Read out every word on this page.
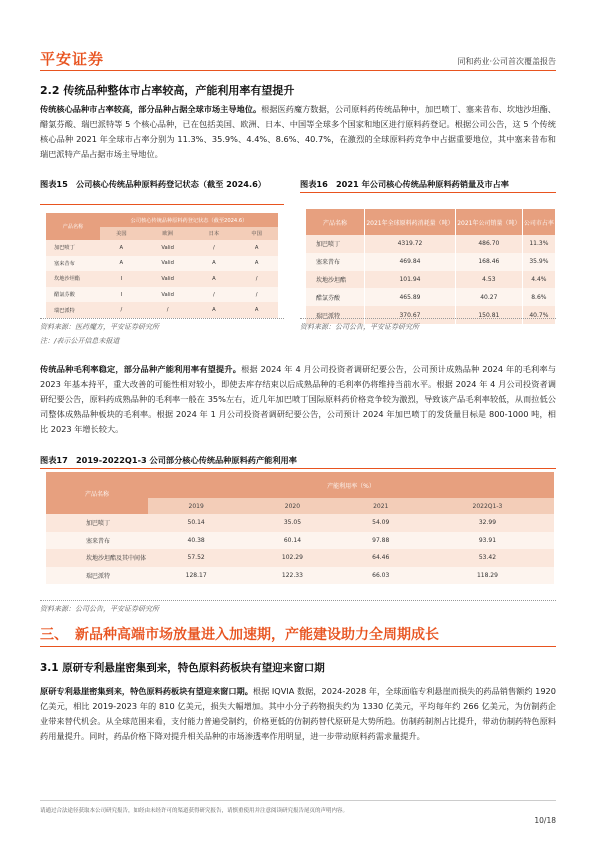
平安证券	同和药业·公司首次覆盖报告
2.2 传统品种整体市占率较高，产能利用率有望提升
传统核心品种市占率较高，部分品种占据全球市场主导地位。根据医药魔方数据，公司原料药传统品种中，加巴喷丁、塞来昔布、坎地沙坦酯、醋氯芬酸、瑞巴派特等 5 个核心品种，已在包括美国、欧洲、日本、中国等全球多个国家和地区进行原料药登记。根据公司公告，这 5 个传统核心品种 2021 年全球市占率分别为 11.3%、35.9%、4.4%、8.6%、40.7%，在激烈的全球原料药竞争中占据重要地位，其中塞来昔布和瑞巴派特产品占据市场主导地位。
图表15　公司核心传统品种原料药登记状态（截至 2024.6）
产品名称	公司核心传统品种原料药登记状态（截至2024.6）			
	美国	欧洲	日本	中国
加巴喷丁	A	Valid	/	A
塞来昔布	A	Valid	A	A
坎地沙坦酯	I	Valid	A	/
醋氯芬酸	I	Valid	/	/
瑞巴派特	/	/	A	A
资料来源：医药魔方，平安证券研究所
注：/表示公开信息未报道
图表16　2021 年公司核心传统品种原料药销量及市占率
产品名称	2021年全球原料药消耗量（吨）	2021年公司销量（吨）	公司市占率
加巴喷丁	4319.72	486.70	11.3%
塞来昔布	469.84	168.46	35.9%
坎地沙坦酯	101.94	4.53	4.4%
醋氯芬酸	465.89	40.27	8.6%
瑞巴派特	370.67	150.81	40.7%
资料来源：公司公告，平安证券研究所
传统品种毛利率稳定，部分品种产能利用率有望提升。根据 2024 年 4 月公司投资者调研纪要公告，公司预计成熟品种 2024 年的毛利率与 2023 年基本持平，重大改善的可能性相对较小，即使去库存结束以后成熟品种的毛利率仍将维持当前水平。根据 2024 年 4 月公司投资者调研纪要公告，原料药成熟品种的毛利率一般在 35%左右，近几年加巴喷丁国际原料药价格竞争较为激烈，导致该产品毛利率较低，从而拉低公司整体成熟品种板块的毛利率。根据 2024 年 1 月公司投资者调研纪要公告，公司预计 2024 年加巴喷丁的发货量目标是 800-1000 吨，相比 2023 年增长较大。
图表17　2019-2022Q1-3 公司部分核心传统品种原料药产能利用率
产品名称	产能利用率（%）			
	2019	2020	2021	2022Q1-3
加巴喷丁	50.14	35.05	54.09	32.99
塞来昔布	40.38	60.14	97.88	93.91
坎地沙坦酯及其中间体	57.52	102.29	64.46	53.42
瑞巴派特	128.17	122.33	66.03	118.29
资料来源：公司公告，平安证券研究所
三、　新品种高端市场放量进入加速期，产能建设助力全周期成长
3.1 原研专利悬崖密集到来，特色原料药板块有望迎来窗口期
原研专利悬崖密集到来，特色原料药板块有望迎来窗口期。根据 IQVIA 数据，2024-2028 年，全球面临专利悬崖而损失的药品销售额约 1920 亿美元，相比 2019-2023 年的 810 亿美元，损失大幅增加。其中小分子药物损失约为 1330 亿美元，平均每年约 266 亿美元，为仿制药企业带来替代机会。从全球范围来看，支付能力普遍受制约，价格更低的仿制药替代原研是大势所趋。仿制药制剂占比提升，带动仿制药特色原料药用量提升。同时，药品价格下降对提升相关品种的市场渗透率作用明显，进一步带动原料药需求量提升。
请通过合法途径获取本公司研究报告，如经由未经许可的渠道获得研究报告，请慎重使用并注意阅读研究报告尾页的声明内容。
10/18
